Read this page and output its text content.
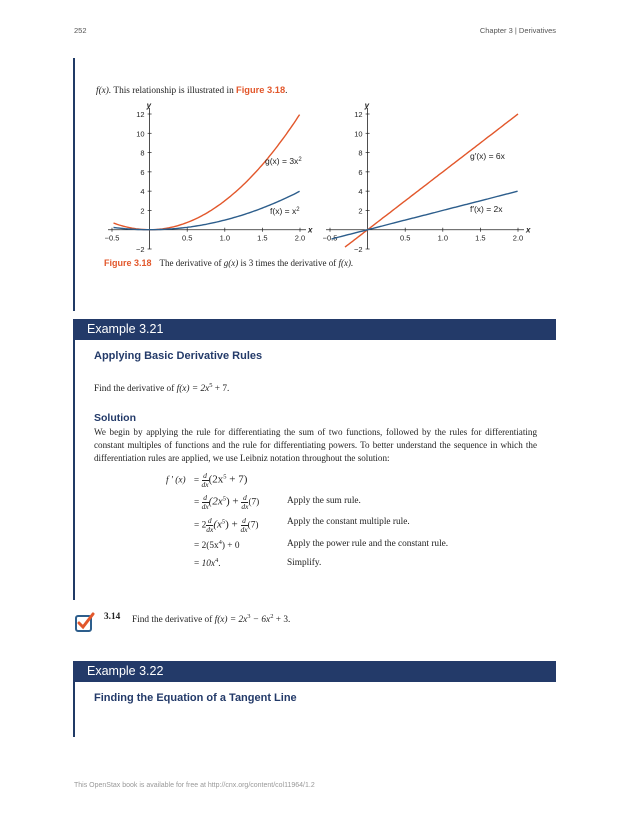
252	Chapter 3 | Derivatives
f(x). This relationship is illustrated in Figure 3.18.
x
y
−0.5	0.5	1.0	1.5	2.0
−2
2
4
6
8
10
12
$g(x) = 3x^2$
$f(x) = x^2$
x
y
−0.5	0.5	1.0	1.5	2.0
−2
2
4
6
8
10
12
g′(x) = 6x
f′(x) = 2x
Figure 3.18 The derivative of g(x) is 3 times the derivative of f(x).
Example 3.21
Applying Basic Derivative Rules
Find the derivative of $f(x) = 2x^5 + 7$.
Solution
We begin by applying the rule for differentiating the sum of two functions, followed by the rules for differentiating constant multiples of functions and the rule for differentiating powers. To better understand the sequence in which the differentiation rules are applied, we use Leibniz notation throughout the solution:
f ′ $(x) = \frac{d}{dx} (2x^5 + 7)$
= $\frac{d}{dx} (2x^5) + \frac{d}{dx} (7)$	Apply the sum rule.
= $2 \frac{d}{dx} (x^5) + \frac{d}{dx} (7)$	Apply the constant multiple rule.
= $2(5x^4) + 0$	Apply the power rule and the constant rule.
= $10x^4$.	Simplify.
3.14 Find the derivative of $f(x) = 2x^3 - 6x^2 + 3$.
Example 3.22
Finding the Equation of a Tangent Line
This OpenStax book is available for free at http://cnx.org/content/col11964/1.2
